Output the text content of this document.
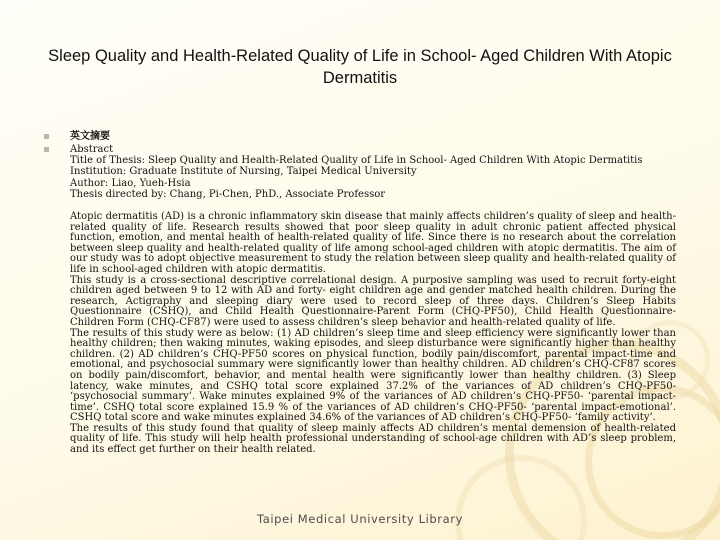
Sleep Quality and Health-Related Quality of Life in School- Aged Children With Atopic Dermatitis
英文摘要
Abstract
Title of Thesis: Sleep Quality and Health-Related Quality of Life in School- Aged Children With Atopic Dermatitis
Institution: Graduate Institute of Nursing, Taipei Medical University
Author: Liao, Yueh-Hsia
Thesis directed by: Chang, Pi-Chen, PhD., Associate Professor

Atopic dermatitis (AD) is a chronic inflammatory skin disease that mainly affects children’s quality of sleep and health-related quality of life. Research results showed that poor sleep quality in adult chronic patient affected physical function, emotion, and mental health of health-related quality of life. Since there is no research about the correlation between sleep quality and health-related quality of life among school-aged children with atopic dermatitis. The aim of our study was to adopt objective measurement to study the relation between sleep quality and health-related quality of life in school-aged children with atopic dermatitis.

This study is a cross-sectional descriptive correlational design. A purposive sampling was used to recruit forty-eight children aged between 9 to 12 with AD and forty- eight children age and gender matched health children. During the research, Actigraphy and sleeping diary were used to record sleep of three days. Children’s Sleep Habits Questionnaire (CSHQ), and Child Health Questionnaire-Parent Form (CHQ-PF50), Child Health Questionnaire-Children Form (CHQ-CF87) were used to assess children’s sleep behavior and health-related quality of life.

The results of this study were as below: (1) AD children’s sleep time and sleep efficiency were significantly lower than healthy children; then waking minutes, waking episodes, and sleep disturbance were significantly higher than healthy children. (2) AD children’s CHQ-PF50 scores on physical function, bodily pain/discomfort, parental impact-time and emotional, and psychosocial summary were significantly lower than healthy children. AD children’s CHQ-CF87 scores on bodily pain/discomfort, behavior, and mental health were significantly lower than healthy children. (3) Sleep latency, wake minutes, and CSHQ total score explained 37.2% of the variances of AD children’s CHQ-PF50- ‘psychosocial summary’. Wake minutes explained 9% of the variances of AD children’s CHQ-PF50- ‘parental impact-time’. CSHQ total score explained 15.9 % of the variances of AD children’s CHQ-PF50- ‘parental impact-emotional’. CSHQ total score and wake minutes explained 34.6% of the variances of AD children’s CHQ-PF50- ‘family activity’.

The results of this study found that quality of sleep mainly affects AD children’s mental demension of health-related quality of life. This study will help health professional understanding of school-age children with AD’s sleep problem, and its effect get further on their health related.

Taipei Medical University Library
